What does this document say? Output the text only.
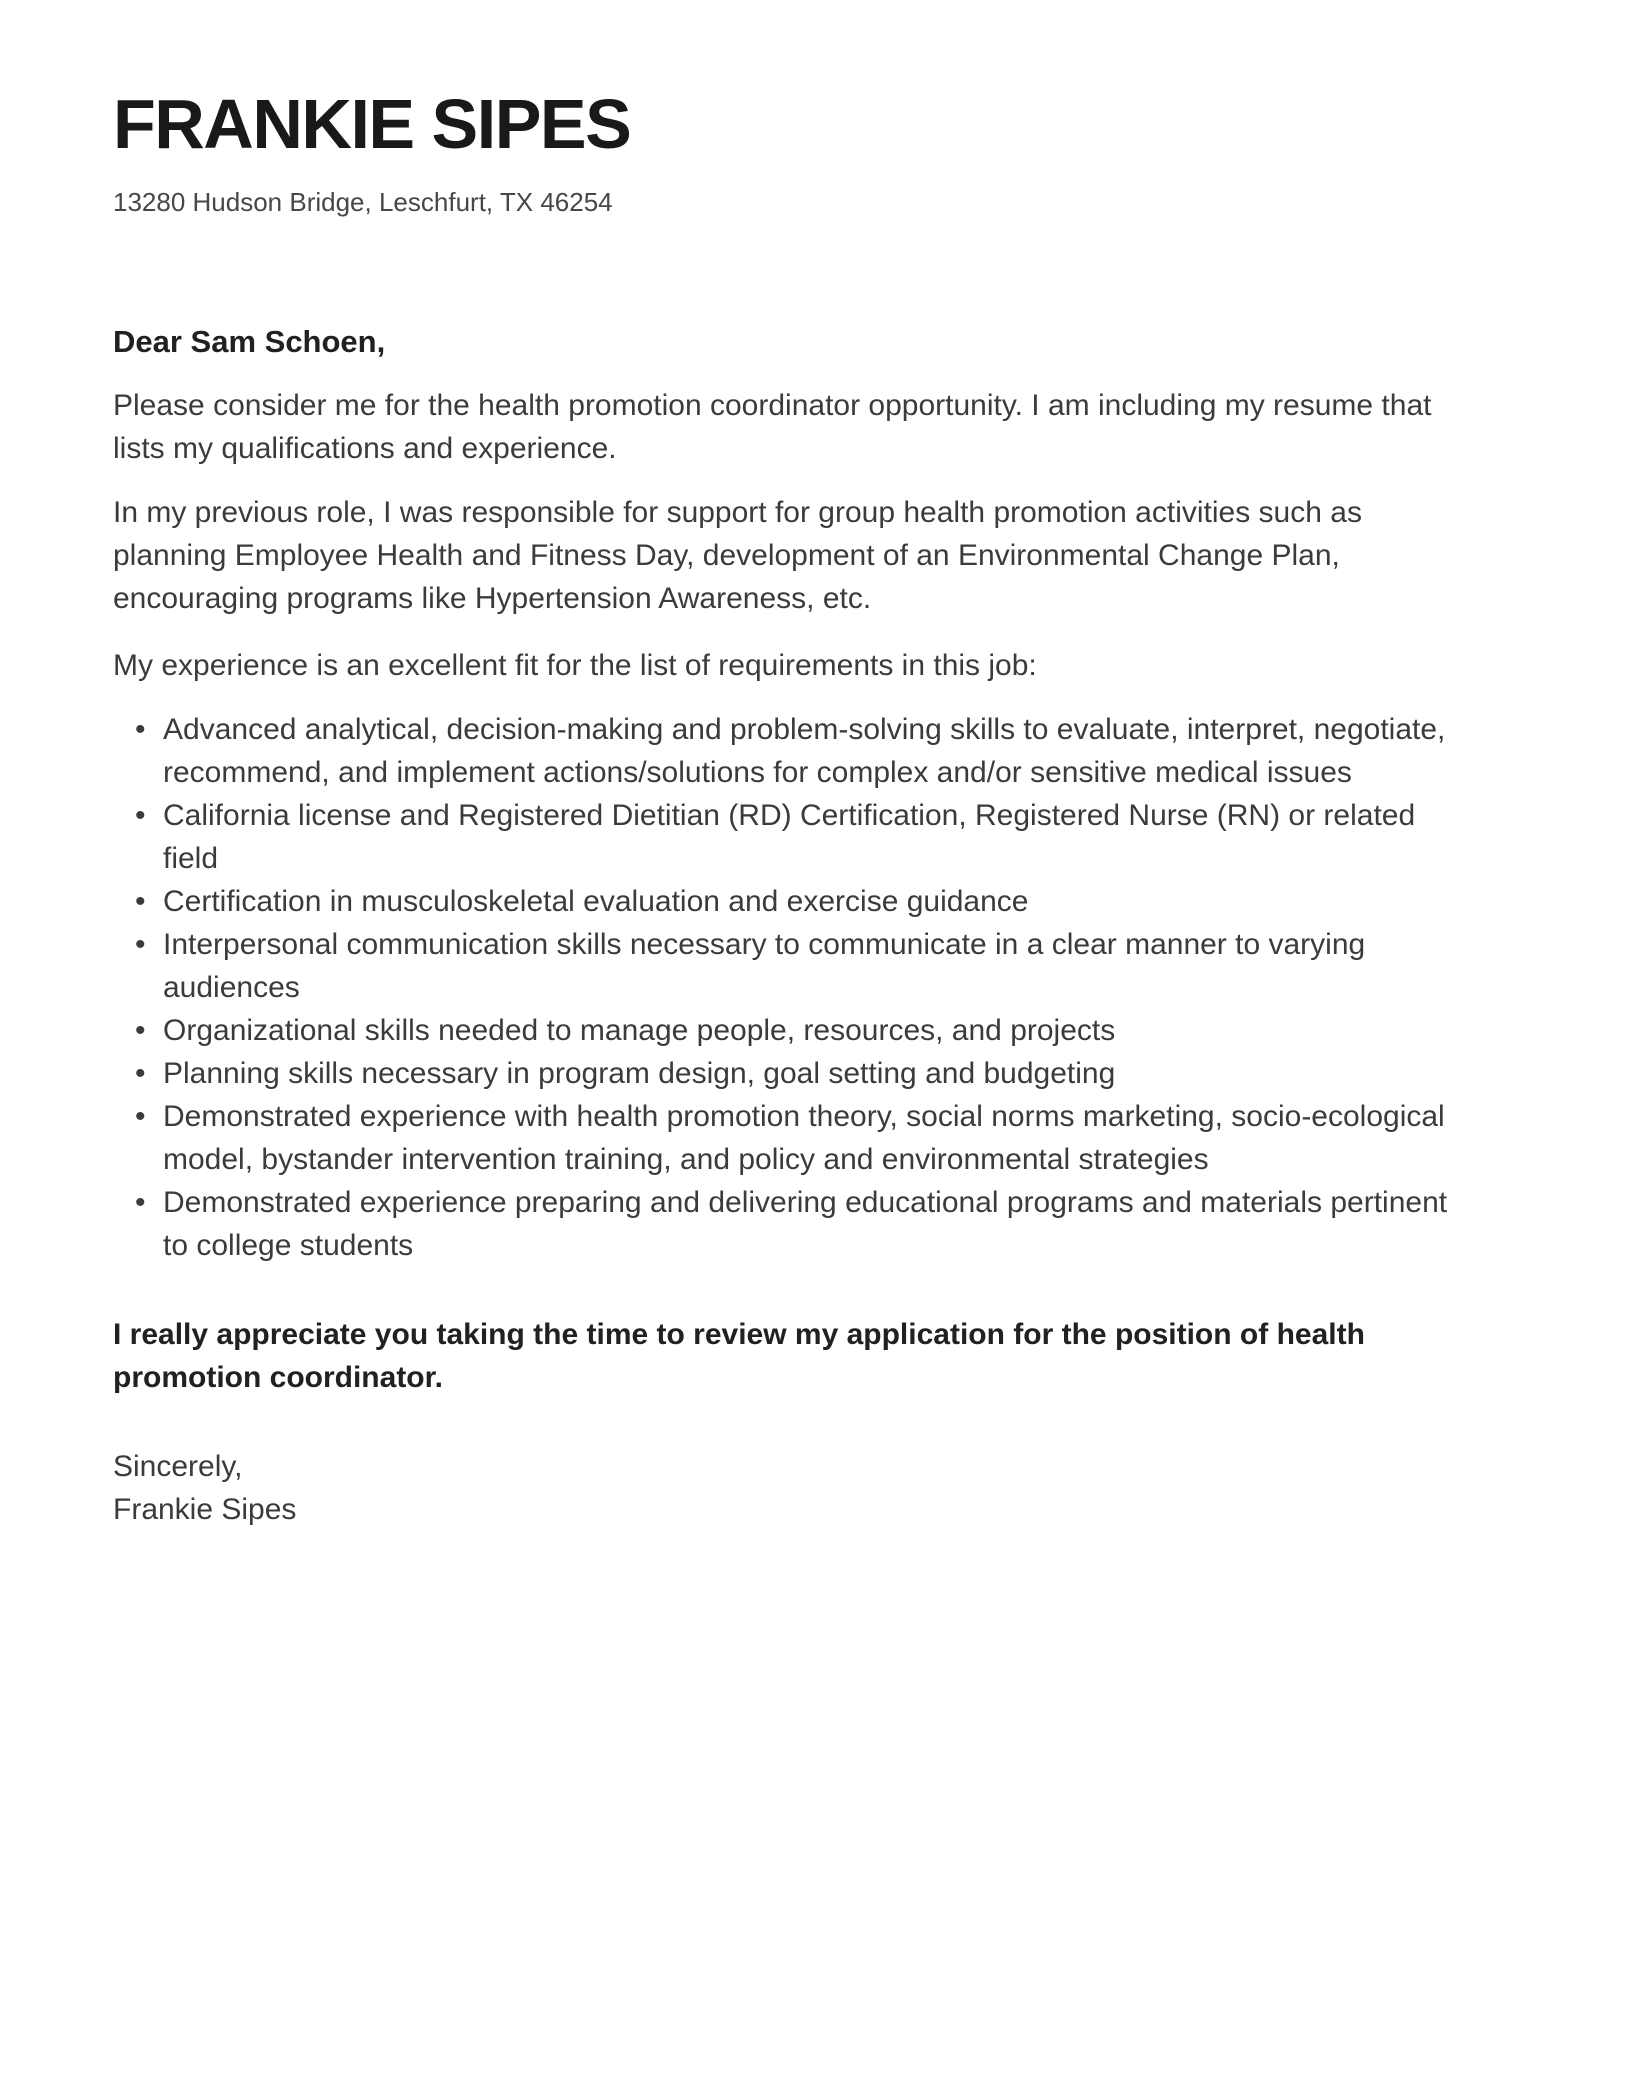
FRANKIE SIPES
13280 Hudson Bridge, Leschfurt, TX 46254
Dear Sam Schoen,

Please consider me for the health promotion coordinator opportunity. I am including my resume that lists my qualifications and experience.

In my previous role, I was responsible for support for group health promotion activities such as planning Employee Health and Fitness Day, development of an Environmental Change Plan, encouraging programs like Hypertension Awareness, etc.

My experience is an excellent fit for the list of requirements in this job:

• Advanced analytical, decision-making and problem-solving skills to evaluate, interpret, negotiate, recommend, and implement actions/solutions for complex and/or sensitive medical issues
• California license and Registered Dietitian (RD) Certification, Registered Nurse (RN) or related field
• Certification in musculoskeletal evaluation and exercise guidance
• Interpersonal communication skills necessary to communicate in a clear manner to varying audiences
• Organizational skills needed to manage people, resources, and projects
• Planning skills necessary in program design, goal setting and budgeting
• Demonstrated experience with health promotion theory, social norms marketing, socio-ecological model, bystander intervention training, and policy and environmental strategies
• Demonstrated experience preparing and delivering educational programs and materials pertinent to college students

I really appreciate you taking the time to review my application for the position of health promotion coordinator.

Sincerely,
Frankie Sipes
